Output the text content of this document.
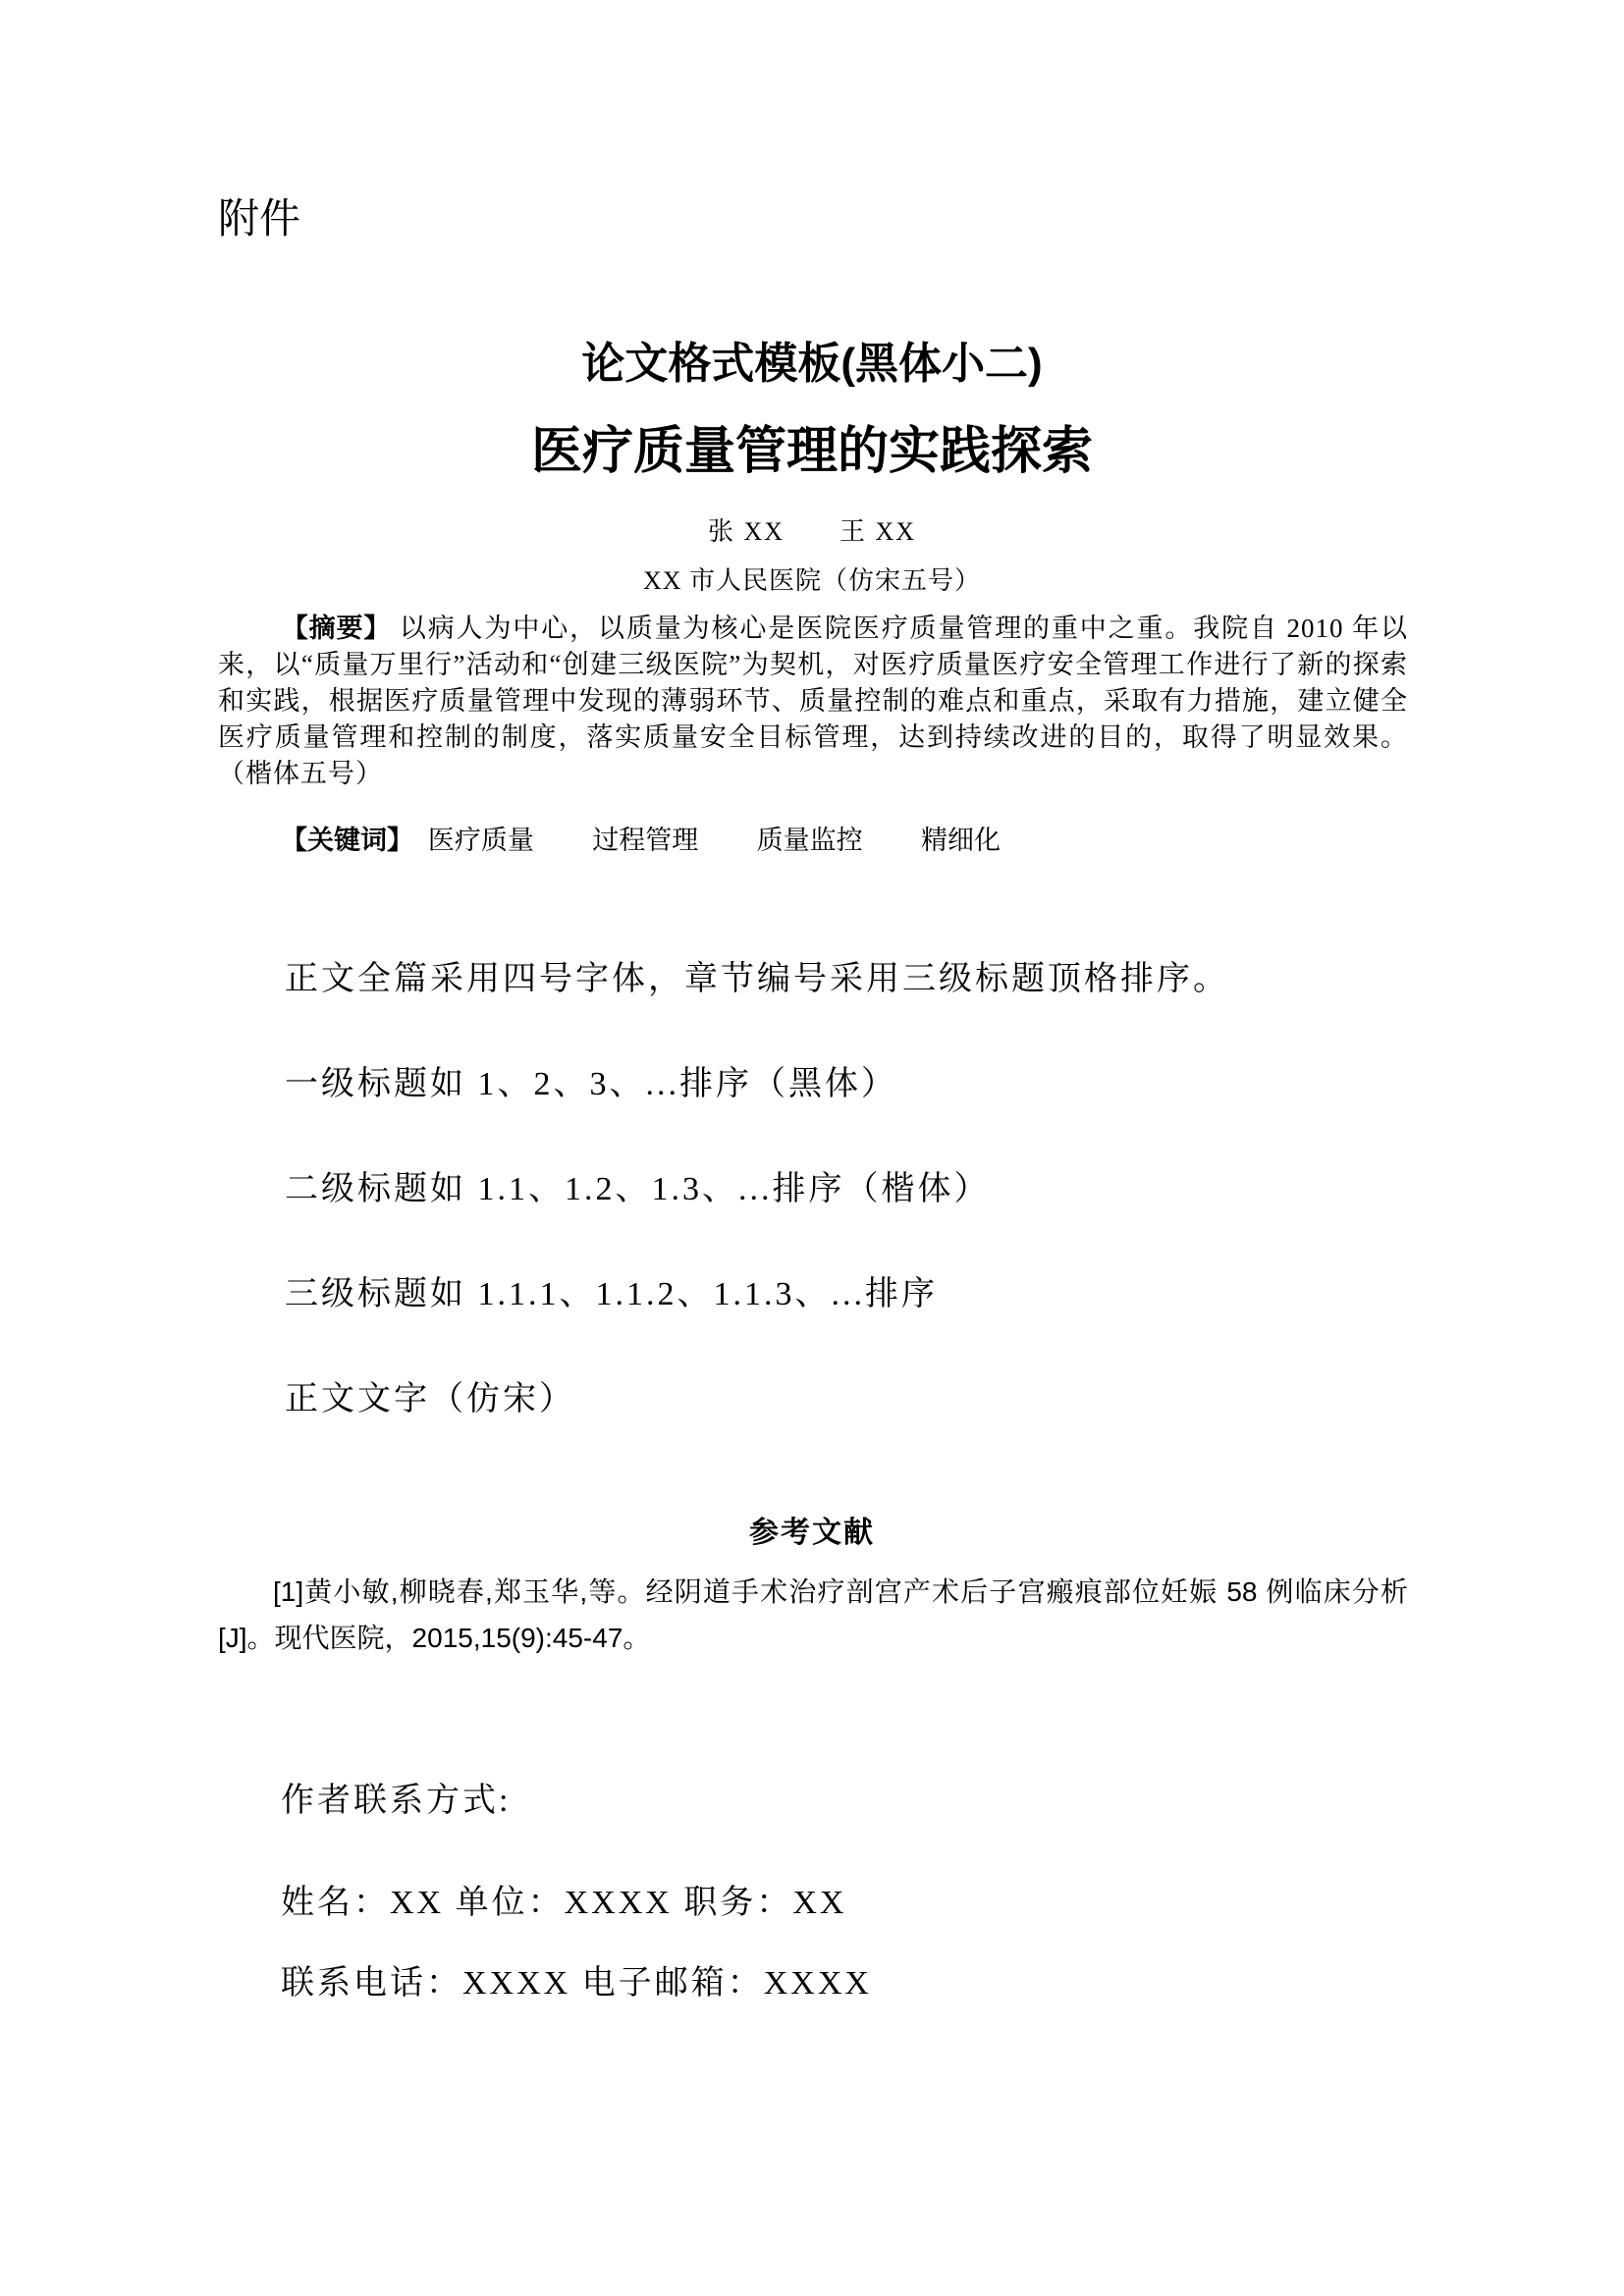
附件
论文格式模板(黑体小二)
医疗质量管理的实践探索
张 XX　　王 XX
XX 市人民医院（仿宋五号）

【摘要】 以病人为中心，以质量为核心是医院医疗质量管理的重中之重。我院自 2010 年以来，以“质量万里行”活动和“创建三级医院”为契机，对医疗质量医疗安全管理工作进行了新的探索和实践，根据医疗质量管理中发现的薄弱环节、质量控制的难点和重点，采取有力措施，建立健全医疗质量管理和控制的制度，落实质量安全目标管理，达到持续改进的目的，取得了明显效果。（楷体五号）

【关键词】 医疗质量 过程管理 质量监控 精细化

正文全篇采用四号字体，章节编号采用三级标题顶格排序。

一级标题如 1、2、3、...排序（黑体）

二级标题如 1.1、1.2、1.3、...排序（楷体）

三级标题如 1.1.1、1.1.2、1.1.3、...排序

正文文字（仿宋）

参考文献

[1]黄小敏,柳晓春,郑玉华,等。经阴道手术治疗剖宫产术后子宫瘢痕部位妊娠 58 例临床分析[J]。现代医院，2015,15(9):45-47。

作者联系方式:
姓名：XX 单位：XXXX 职务：XX
联系电话：XXXX 电子邮箱：XXXX
